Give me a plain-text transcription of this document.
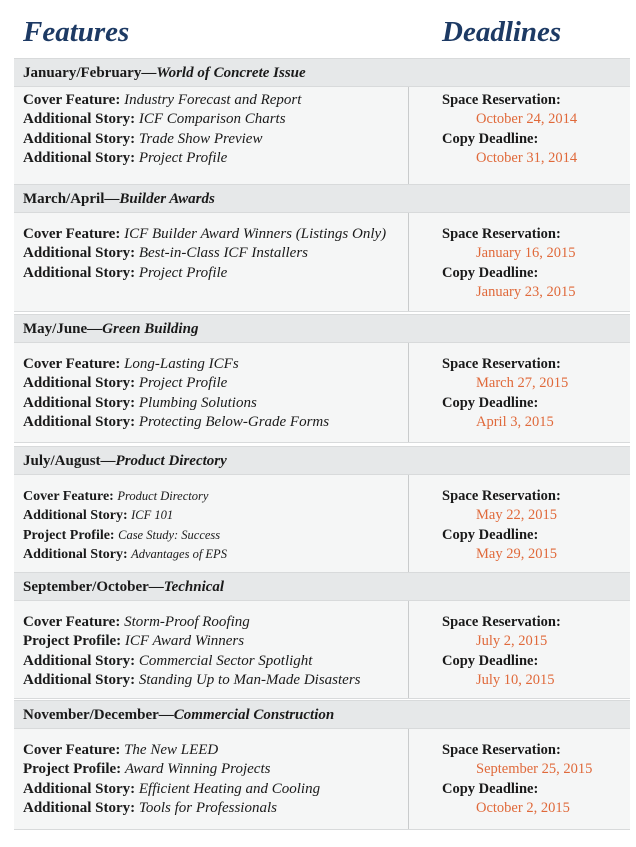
Features	Deadlines
January/February—World of Concrete Issue
Cover Feature: Industry Forecast and Report
Additional Story: ICF Comparison Charts
Additional Story: Trade Show Preview
Additional Story: Project Profile
Space Reservation:
October 24, 2014
Copy Deadline:
October 31, 2014
March/April—Builder Awards
Cover Feature: ICF Builder Award Winners (Listings Only)
Additional Story: Best-in-Class ICF Installers
Additional Story: Project Profile
Space Reservation:
January 16, 2015
Copy Deadline:
January 23, 2015
May/June—Green Building
Cover Feature: Long-Lasting ICFs
Additional Story: Project Profile
Additional Story: Plumbing Solutions
Additional Story: Protecting Below-Grade Forms
Space Reservation:
March 27, 2015
Copy Deadline:
April 3, 2015
July/August—Product Directory
Cover Feature: Product Directory
Additional Story: ICF 101
Project Profile: Case Study: Success
Additional Story: Advantages of EPS
Space Reservation:
May 22, 2015
Copy Deadline:
May 29, 2015
September/October—Technical
Cover Feature: Storm-Proof Roofing
Project Profile: ICF Award Winners
Additional Story: Commercial Sector Spotlight
Additional Story: Standing Up to Man-Made Disasters
Space Reservation:
July 2, 2015
Copy Deadline:
July 10, 2015
November/December—Commercial Construction
Cover Feature: The New LEED
Project Profile: Award Winning Projects
Additional Story: Efficient Heating and Cooling
Additional Story: Tools for Professionals
Space Reservation:
September 25, 2015
Copy Deadline:
October 2, 2015
